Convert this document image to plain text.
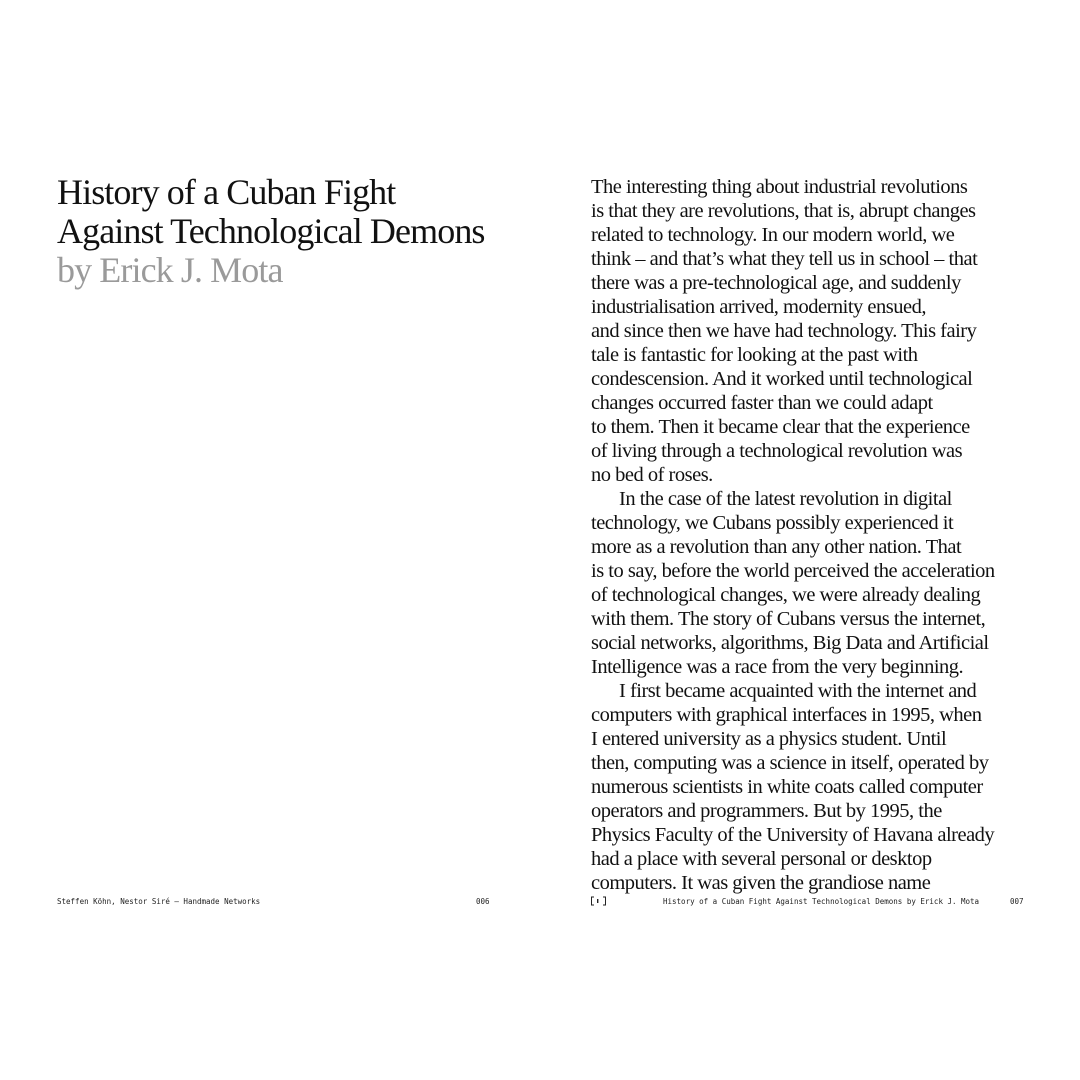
History of a Cuban Fight
Against Technological Demons
by Erick J. Mota
Steffen Köhn, Nestor Siré – Handmade Networks	006
The interesting thing about industrial revolutions
is that they are revolutions, that is, abrupt changes
related to technology. In our modern world, we
think – and that’s what they tell us in school – that
there was a pre-technological age, and suddenly
industrialisation arrived, modernity ensued,
and since then we have had technology. This fairy
tale is fantastic for looking at the past with
condescension. And it worked until technological
changes occurred faster than we could adapt
to them. Then it became clear that the experience
of living through a technological revolution was
no bed of roses.
In the case of the latest revolution in digital
technology, we Cubans possibly experienced it
more as a revolution than any other nation. That
is to say, before the world perceived the acceleration
of technological changes, we were already dealing
with them. The story of Cubans versus the internet,
social networks, algorithms, Big Data and Artificial
Intelligence was a race from the very beginning.
I first became acquainted with the internet and
computers with graphical interfaces in 1995, when
I entered university as a physics student. Until
then, computing was a science in itself, operated by
numerous scientists in white coats called computer
operators and programmers. But by 1995, the
Physics Faculty of the University of Havana already
had a place with several personal or desktop
computers. It was given the grandiose name
History of a Cuban Fight Against Technological Demons by Erick J. Mota	007
